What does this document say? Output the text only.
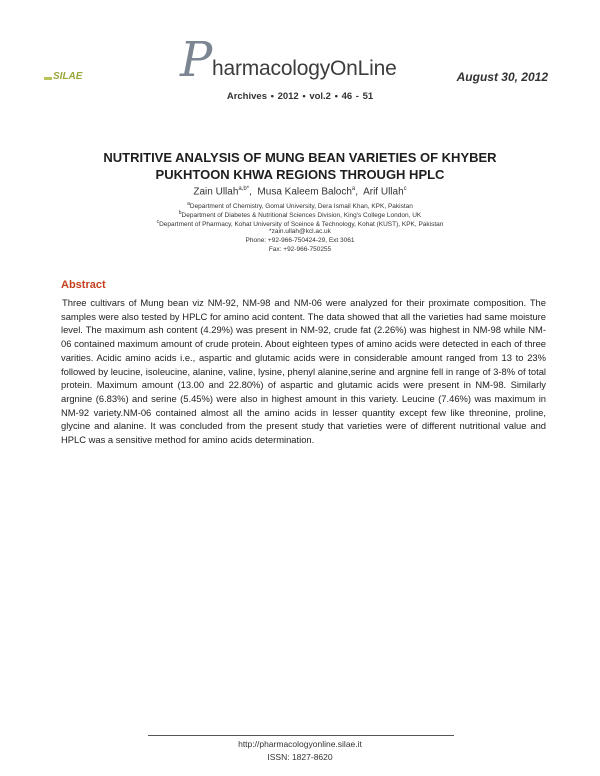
SILAE P harmacologyOnLine	August 30, 2012
Archives • 2012 • vol.2 • 46 - 51
NUTRITIVE ANALYSIS OF MUNG BEAN VARIETIES OF KHYBER PUKHTOON KHWA REGIONS THROUGH HPLC
Zain Ullah$^{a,b*}$,  Musa Kaleem Baloch$^a$,  Arif Ullah$^c$
$^a$Department of Chemistry, Gomal University, Dera Ismail Khan, KPK, Pakistan
$^b$Department of Diabetes & Nutritional Sciences Division, King's College London, UK
$^c$Department of Pharmacy, Kohat University of Sceince & Technology, Kohat (KUST), KPK, Pakistan
*zain.ullah@kcl.ac.uk
Phone: +92-966-750424-29, Ext 3061
Fax: +92-966-750255
Abstract
Three cultivars of Mung bean viz NM-92, NM-98 and NM-06 were analyzed for their proximate composition. The samples were also tested by HPLC for amino acid content. The data showed that all the varieties had same moisture level. The maximum ash content (4.29%) was present in NM-92, crude fat (2.26%) was highest in NM-98 while NM-06 contained maximum amount of crude protein. About eighteen types of amino acids were detected in each of three varities. Acidic amino acids i.e., aspartic and glutamic acids were in considerable amount ranged from 13 to 23% followed by leucine, isoleucine, alanine, valine, lysine, phenyl alanine,serine and argnine fell in range of 3-8% of total protein. Maximum amount (13.00 and 22.80%) of aspartic and glutamic acids were present in NM-98. Similarly argnine (6.83%) and serine (5.45%) were also in highest amount in this variety. Leucine (7.46%) was maximum in NM-92 variety.NM-06 contained almost all the amino acids in lesser quantity except few like threonine, proline, glycine and alanine. It was concluded from the present study that varieties were of different nutritional value and HPLC was a sensitive method for amino acids determination.
http://pharmacologyonline.silae.it
ISSN: 1827-8620
